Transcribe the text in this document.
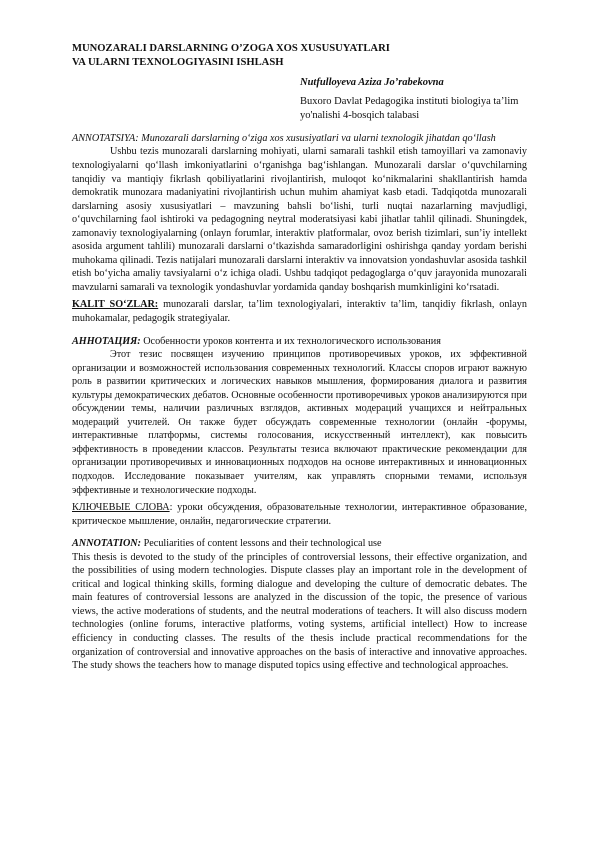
MUNOZARALI DARSLARNING O’ZOGA XOS XUSUSUYATLARI
VA ULARNI TEXNOLOGIYASINI ISHLASH
Nutfulloyeva Aziza Jo’rabekovna
Buxoro Davlat Pedagogika instituti biologiya ta’lim
yo'nalishi 4-bosqich talabasi

ANNOTATSIYA: Munozarali darslarning o‘ziga xos xususiyatlari va ularni texnologik jihatdan qo‘llash

Ushbu tezis munozarali darslarning mohiyati, ularni samarali tashkil etish tamoyillari va zamonaviy texnologiyalarni qo‘llash imkoniyatlarini o‘rganishga bag‘ishlangan. Munozarali darslar o‘quvchilarning tanqidiy va mantiqiy fikrlash qobiliyatlarini rivojlantirish, muloqot ko‘nikmalarini shakllantirish hamda demokratik munozara madaniyatini rivojlantirish uchun muhim ahamiyat kasb etadi. Tadqiqotda munozarali darslarning asosiy xususiyatlari – mavzuning bahsli bo‘lishi, turli nuqtai nazarlarning mavjudligi, o‘quvchilarning faol ishtiroki va pedagogning neytral moderatsiyasi kabi jihatlar tahlil qilinadi. Shuningdek, zamonaviy texnologiyalarning (onlayn forumlar, interaktiv platformalar, ovoz berish tizimlari, sun’iy intellekt asosida argument tahlili) munozarali darslarni o‘tkazishda samaradorligini oshirishga qanday yordam berishi muhokama qilinadi. Tezis natijalari munozarali darslarni interaktiv va innovatsion yondashuvlar asosida tashkil etish bo‘yicha amaliy tavsiyalarni o‘z ichiga oladi. Ushbu tadqiqot pedagoglarga o‘quv jarayonida munozarali mavzularni samarali va texnologik yondashuvlar yordamida qanday boshqarish mumkinligini ko‘rsatadi.

KALIT SO‘ZLAR: munozarali darslar, ta’lim texnologiyalari, interaktiv ta’lim, tanqidiy fikrlash, onlayn muhokamalar, pedagogik strategiyalar.

АННОТАЦИЯ: Особенности уроков контента и их технологического использования

Этот тезис посвящен изучению принципов противоречивых уроков, их эффективной организации и возможностей использования современных технологий. Классы споров играют важную роль в развитии критических и логических навыков мышления, формирования диалога и развития культуры демократических дебатов. Основные особенности противоречивых уроков анализируются при обсуждении темы, наличии различных взглядов, активных модераций учащихся и нейтральных модераций учителей. Он также будет обсуждать современные технологии (онлайн -форумы, интерактивные платформы, системы голосования, искусственный интеллект), как повысить эффективность в проведении классов. Результаты тезиса включают практические рекомендации для организации противоречивых и инновационных подходов на основе интерактивных и инновационных подходов. Исследование показывает учителям, как управлять спорными темами, используя эффективные и технологические подходы.

КЛЮЧЕВЫЕ СЛОВА: уроки обсуждения, образовательные технологии, интерактивное образование, критическое мышление, онлайн, педагогические стратегии.

ANNOTATION: Peculiarities of content lessons and their technological use

This thesis is devoted to the study of the principles of controversial lessons, their effective organization, and the possibilities of using modern technologies. Dispute classes play an important role in the development of critical and logical thinking skills, forming dialogue and developing the culture of democratic debates. The main features of controversial lessons are analyzed in the discussion of the topic, the presence of various views, the active moderations of students, and the neutral moderations of teachers. It will also discuss modern technologies (online forums, interactive platforms, voting systems, artificial intellect) How to increase efficiency in conducting classes. The results of the thesis include practical recommendations for the organization of controversial and innovative approaches on the basis of interactive and innovative approaches. The study shows the teachers how to manage disputed topics using effective and technological approaches.
